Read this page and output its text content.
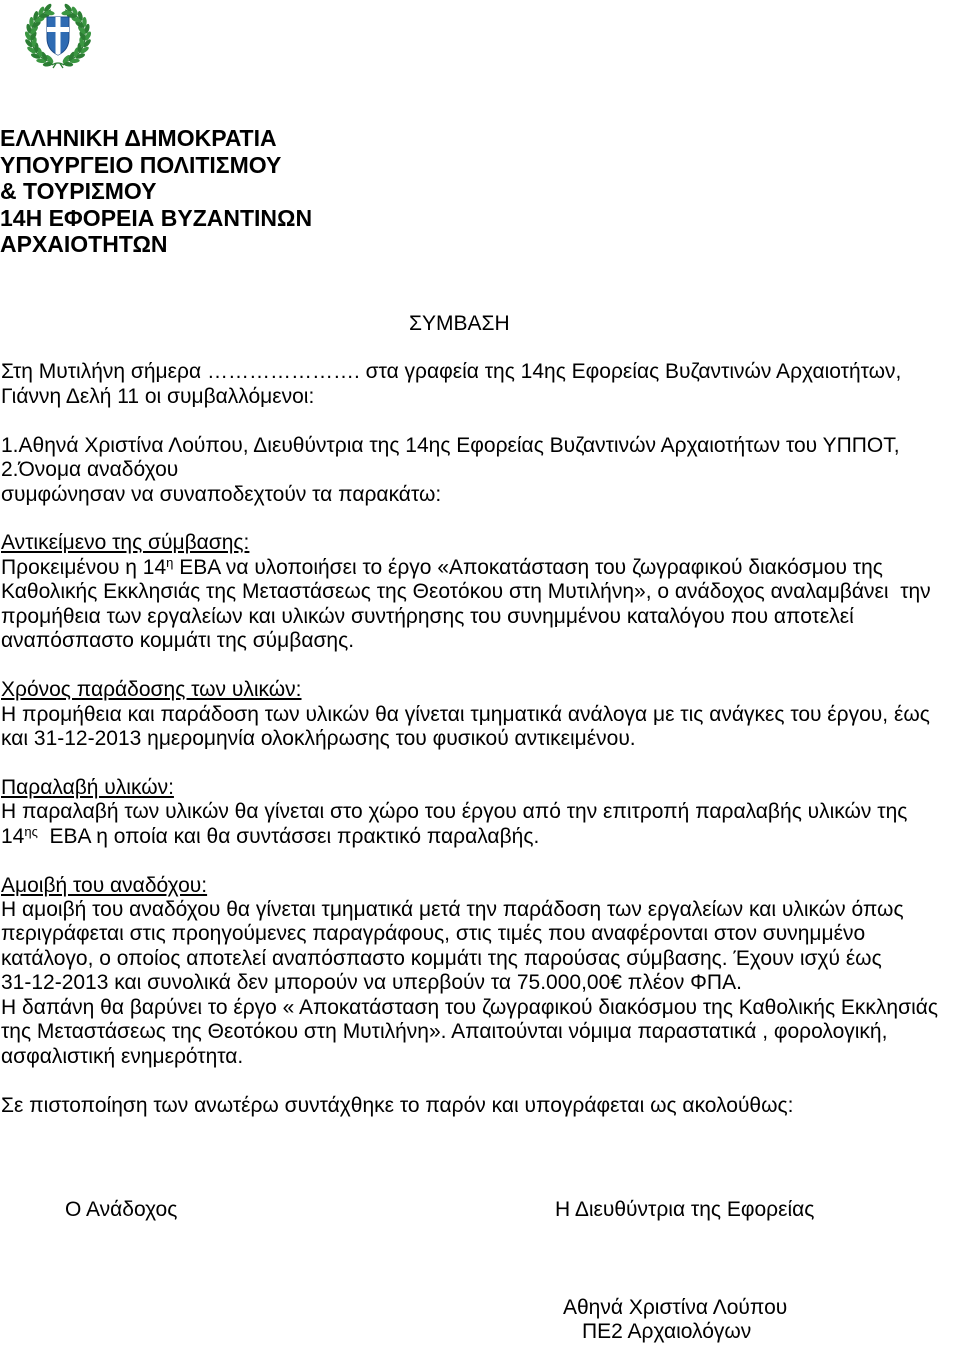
ΕΛΛΗΝΙΚΗ ΔΗΜΟΚΡΑΤΙΑ
ΥΠΟΥΡΓΕΙΟ ΠΟΛΙΤΙΣΜΟΥ
& ΤΟΥΡΙΣΜΟΥ
14Η ΕΦΟΡΕΙΑ ΒΥΖΑΝΤΙΝΩΝ
ΑΡΧΑΙΟΤΗΤΩΝ
ΣΥΜΒΑΣΗ
Στη Μυτιλήνη σήμερα …………………. στα γραφεία της 14ης Εφορείας Βυζαντινών Αρχαιοτήτων,
Γιάννη Δελή 11 οι συμβαλλόμενοι:
1.Αθηνά Χριστίνα Λούπου, Διευθύντρια της 14ης Εφορείας Βυζαντινών Αρχαιοτήτων του ΥΠΠΟΤ,
2.Όνομα αναδόχου
συμφώνησαν να συναποδεχτούν τα παρακάτω:
Αντικείμενο της σύμβασης:
Προκειμένου η $14^\eta$ ΕΒΑ να υλοποιήσει το έργο «Αποκατάσταση του ζωγραφικού διακόσμου της
Καθολικής Εκκλησιάς της Μεταστάσεως της Θεοτόκου στη Μυτιλήνη», ο ανάδοχος αναλαμβάνει  την
προμήθεια των εργαλείων και υλικών συντήρησης του συνημμένου καταλόγου που αποτελεί
αναπόσπαστο κομμάτι της σύμβασης.
Χρόνος παράδοσης των υλικών:
Η προμήθεια και παράδοση των υλικών θα γίνεται τμηματικά ανάλογα με τις ανάγκες του έργου, έως
και 31-12-2013 ημερομηνία ολοκλήρωσης του φυσικού αντικειμένου.
Παραλαβή υλικών:
Η παραλαβή των υλικών θα γίνεται στο χώρο του έργου από την επιτροπή παραλαβής υλικών της
$14^{\eta\varsigma}$  ΕΒΑ η οποία και θα συντάσσει πρακτικό παραλαβής.
Αμοιβή του αναδόχου:
Η αμοιβή του αναδόχου θα γίνεται τμηματικά μετά την παράδοση των εργαλείων και υλικών όπως
περιγράφεται στις προηγούμενες παραγράφους, στις τιμές που αναφέρονται στον συνημμένο
κατάλογο, ο οποίος αποτελεί αναπόσπαστο κομμάτι της παρούσας σύμβασης. Έχουν ισχύ έως
31-12-2013 και συνολικά δεν μπορούν να υπερβούν τα 75.000,00€ πλέον ΦΠΑ.
Η δαπάνη θα βαρύνει το έργο « Αποκατάσταση του ζωγραφικού διακόσμου της Καθολικής Εκκλησιάς
της Μεταστάσεως της Θεοτόκου στη Μυτιλήνη». Απαιτούνται νόμιμα παραστατικά , φορολογική,
ασφαλιστική ενημερότητα.
Σε πιστοποίηση των ανωτέρω συντάχθηκε το παρόν και υπογράφεται ως ακολούθως:
Ο Ανάδοχος	Η Διευθύντρια της Εφορείας
Αθηνά Χριστίνα Λούπου
ΠΕ2 Αρχαιολόγων
